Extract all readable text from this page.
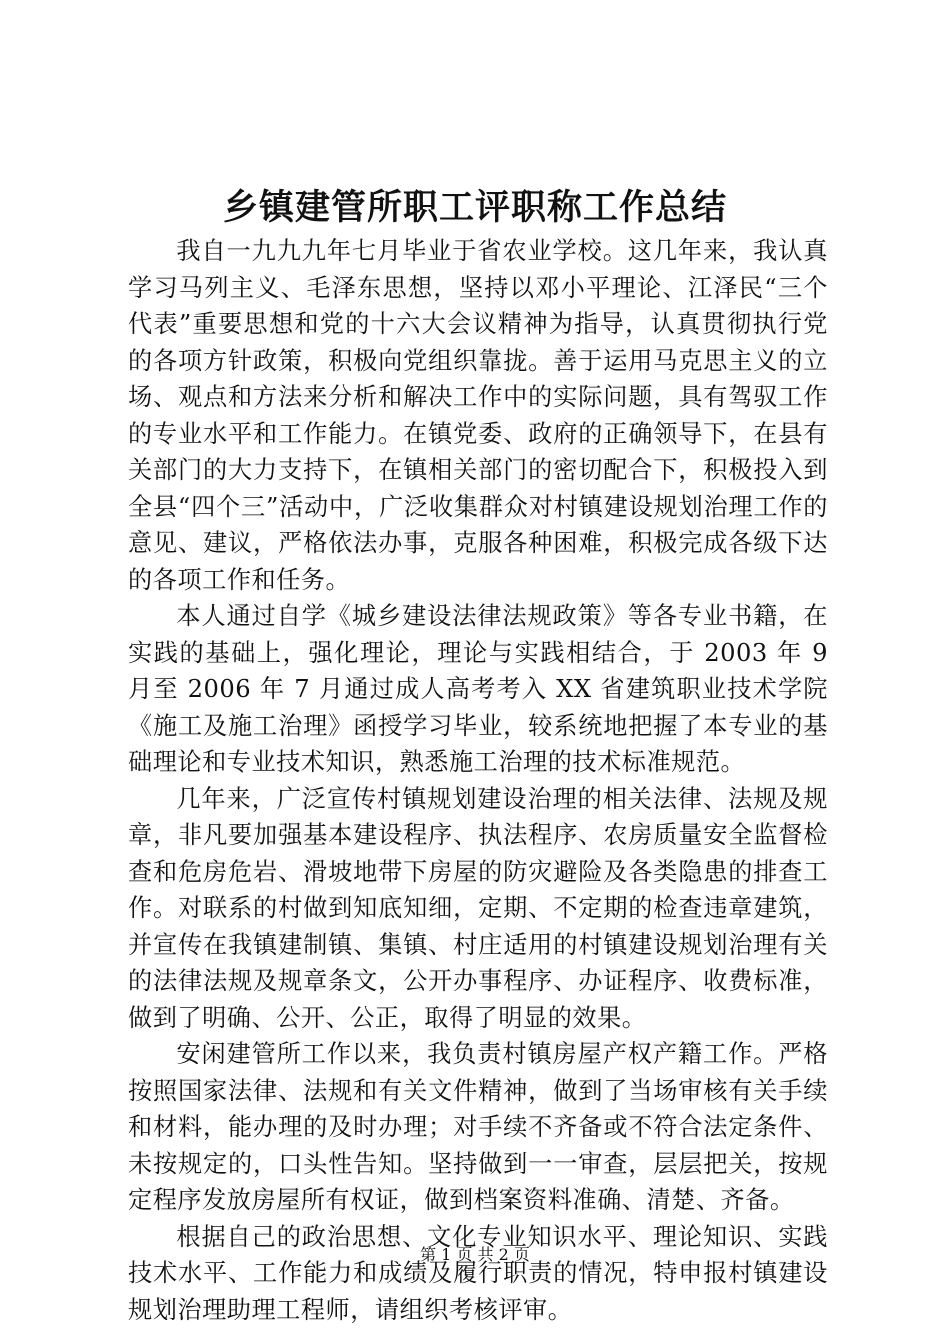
乡镇建管所职工评职称工作总结

我自一九九九年七月毕业于省农业学校。这几年来，我认真学习马列主义、毛泽东思想，坚持以邓小平理论、江泽民“三个代表”重要思想和党的十六大会议精神为指导，认真贯彻执行党的各项方针政策，积极向党组织靠拢。善于运用马克思主义的立场、观点和方法来分析和解决工作中的实际问题，具有驾驭工作的专业水平和工作能力。在镇党委、政府的正确领导下，在县有关部门的大力支持下，在镇相关部门的密切配合下，积极投入到全县“四个三”活动中，广泛收集群众对村镇建设规划治理工作的意见、建议，严格依法办事，克服各种困难，积极完成各级下达的各项工作和任务。

本人通过自学《城乡建设法律法规政策》等各专业书籍，在实践的基础上，强化理论，理论与实践相结合，于 2003 年 9 月至 2006 年 7 月通过成人高考考入 XX 省建筑职业技术学院《施工及施工治理》函授学习毕业，较系统地把握了本专业的基础理论和专业技术知识，熟悉施工治理的技术标准规范。

几年来，广泛宣传村镇规划建设治理的相关法律、法规及规章，非凡要加强基本建设程序、执法程序、农房质量安全监督检查和危房危岩、滑坡地带下房屋的防灾避险及各类隐患的排查工作。对联系的村做到知底知细，定期、不定期的检查违章建筑，并宣传在我镇建制镇、集镇、村庄适用的村镇建设规划治理有关的法律法规及规章条文，公开办事程序、办证程序、收费标准，做到了明确、公开、公正，取得了明显的效果。

安闲建管所工作以来，我负责村镇房屋产权产籍工作。严格按照国家法律、法规和有关文件精神，做到了当场审核有关手续和材料，能办理的及时办理；对手续不齐备或不符合法定条件、未按规定的，口头性告知。坚持做到一一审查，层层把关，按规定程序发放房屋所有权证，做到档案资料准确、清楚、齐备。

根据自己的政治思想、文化专业知识水平、理论知识、实践技术水平、工作能力和成绩及履行职责的情况，特申报村镇建设规划治理助理工程师，请组织考核评审。

第 1 页 共 2 页
